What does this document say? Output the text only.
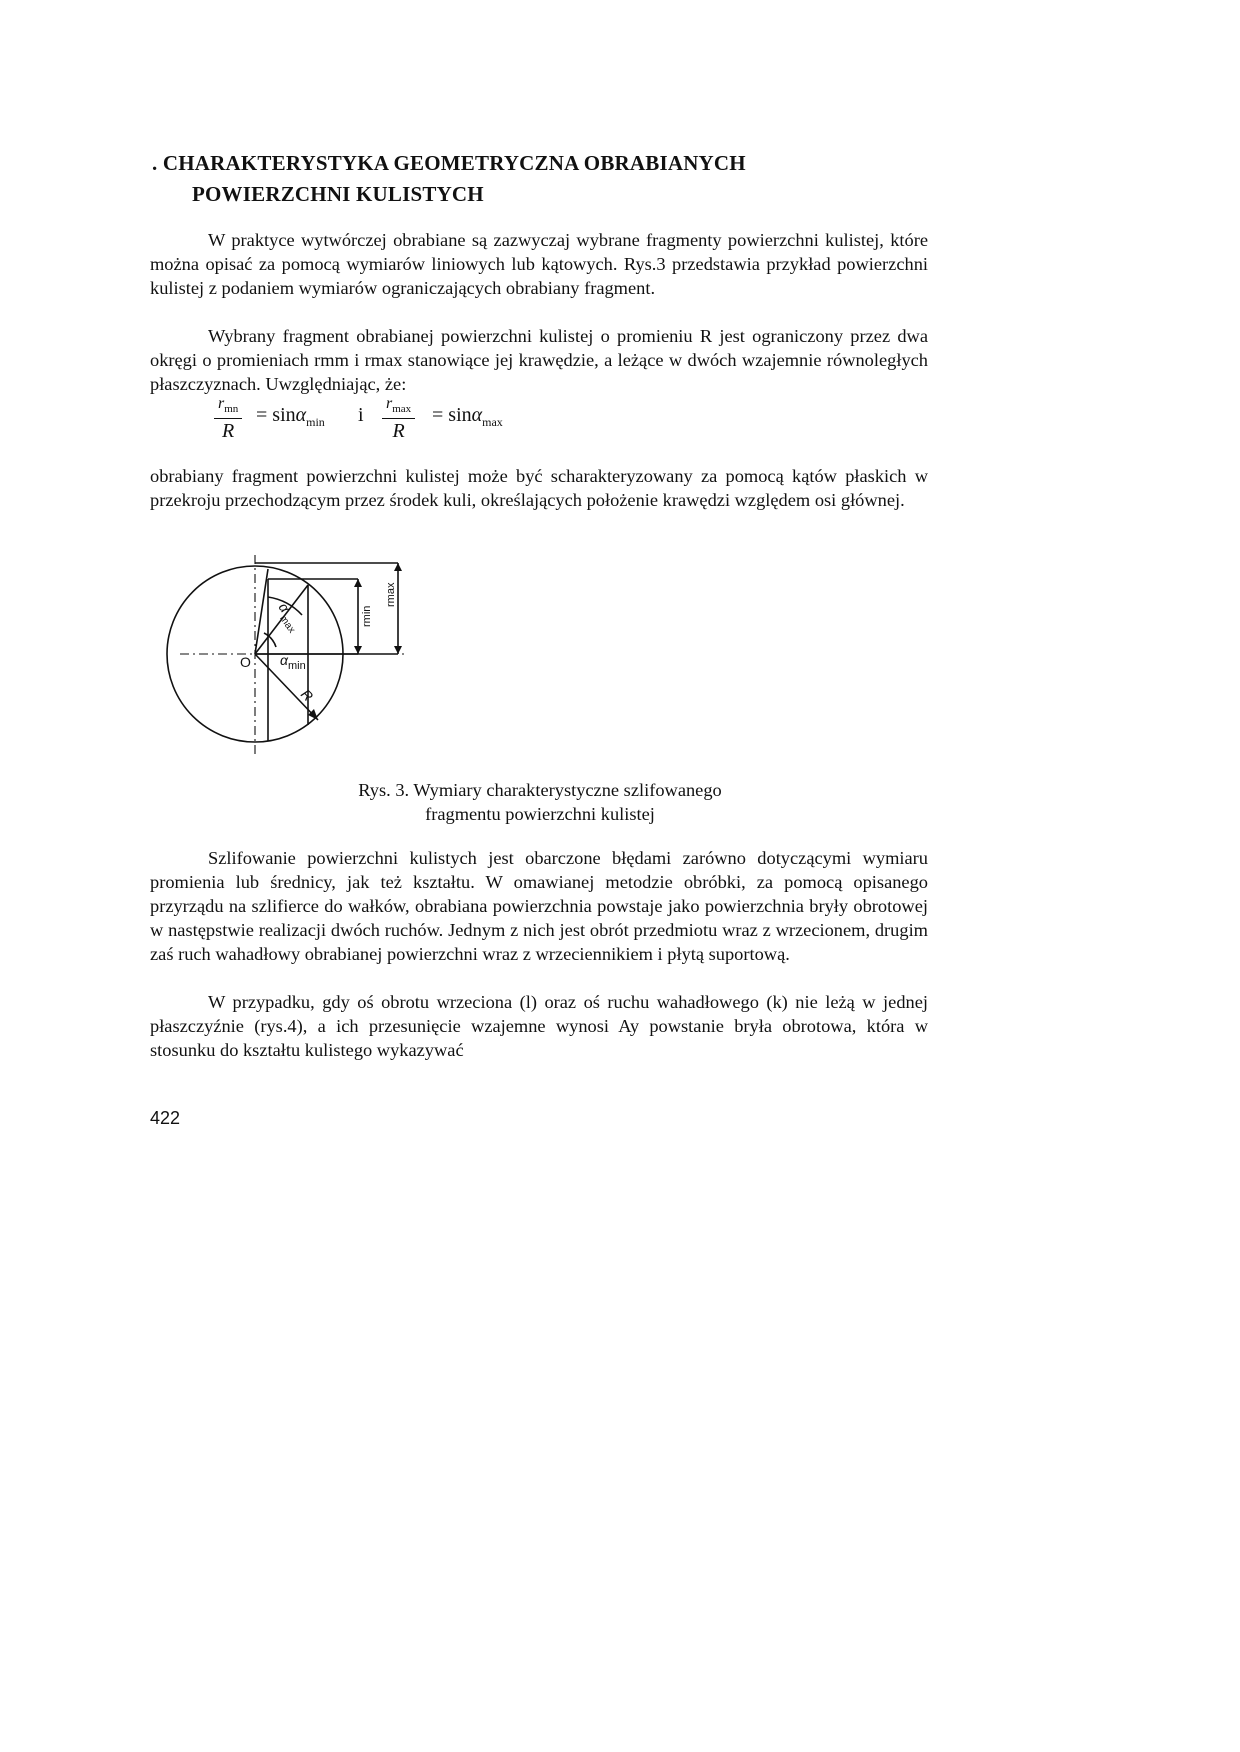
. CHARAKTERYSTYKA GEOMETRYCZNA OBRABIANYCH
POWIERZCHNI KULISTYCH

W praktyce wytwórczej obrabiane są zazwyczaj wybrane fragmenty powierzchni kulistej, które można opisać za pomocą wymiarów liniowych lub kątowych. Rys.3 przedstawia przykład powierzchni kulistej z podaniem wymiarów ograniczających obrabiany fragment.

Wybrany fragment obrabianej powierzchni kulistej o promieniu R jest ograniczony przez dwa okręgi o promieniach rmm i rmax stanowiące jej krawędzie, a leżące w dwóch wzajemnie równoległych płaszczyznach. Uwzględniając, że:

$r_{mn}$
R
= sinα$_{min}$ i
$r_{max}$
R
= sinα$_{max}$

obrabiany fragment powierzchni kulistej może być scharakteryzowany za pomocą kątów płaskich w przekroju przechodzącym przez środek kuli, określających położenie krawędzi względem osi głównej.

O
α
max
α min
R
rmin
rmax

Rys. 3. Wymiary charakterystyczne szlifowanego
fragmentu powierzchni kulistej

Szlifowanie powierzchni kulistych jest obarczone błędami zarówno dotyczącymi wymiaru promienia lub średnicy, jak też kształtu. W omawianej metodzie obróbki, za pomocą opisanego przyrządu na szlifierce do wałków, obrabiana powierzchnia powstaje jako powierzchnia bryły obrotowej w następstwie realizacji dwóch ruchów. Jednym z nich jest obrót przedmiotu wraz z wrzecionem, drugim zaś ruch wahadłowy obrabianej powierzchni wraz z wrzeciennikiem i płytą suportową.

W przypadku, gdy oś obrotu wrzeciona (l) oraz oś ruchu wahadłowego (k) nie leżą w jednej płaszczyźnie (rys.4), a ich przesunięcie wzajemne wynosi Ay powstanie bryła obrotowa, która w stosunku do kształtu kulistego wykazywać

422
